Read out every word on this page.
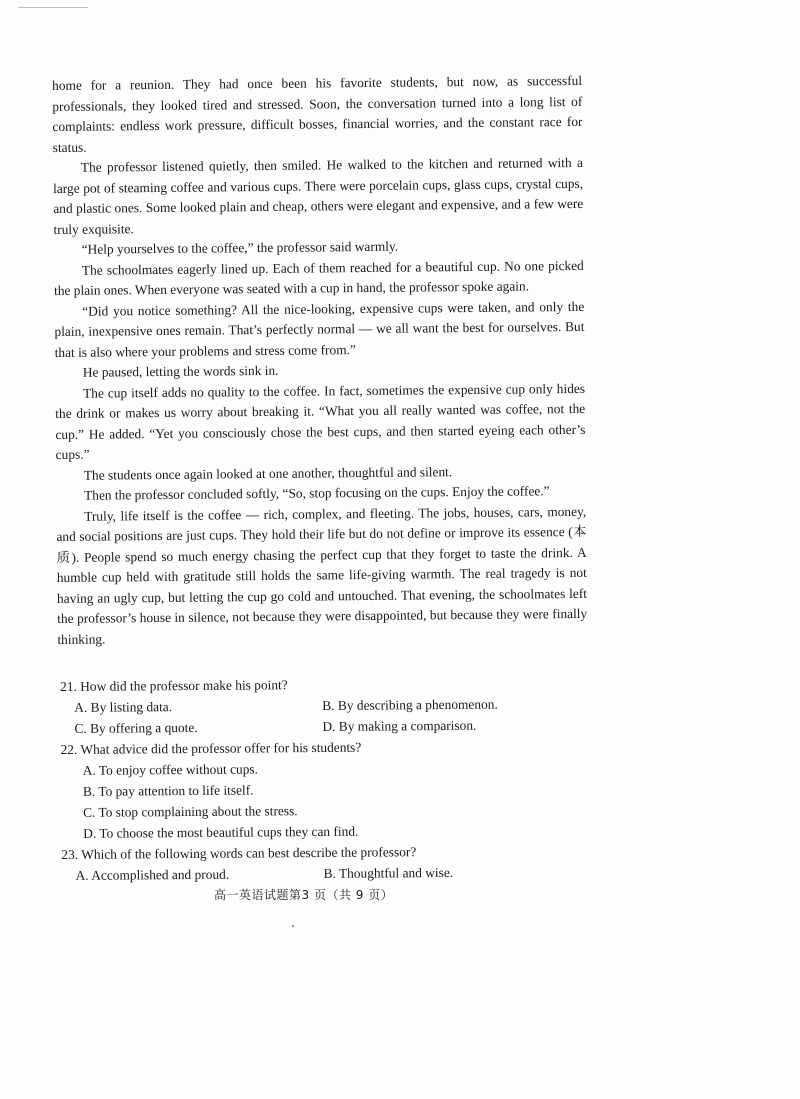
home for a reunion. They had once been his favorite students, but now, as successful professionals, they looked tired and stressed. Soon, the conversation turned into a long list of complaints: endless work pressure, difficult bosses, financial worries, and the constant race for status.

The professor listened quietly, then smiled. He walked to the kitchen and returned with a large pot of steaming coffee and various cups. There were porcelain cups, glass cups, crystal cups, and plastic ones. Some looked plain and cheap, others were elegant and expensive, and a few were truly exquisite.

“Help yourselves to the coffee,” the professor said warmly.

The schoolmates eagerly lined up. Each of them reached for a beautiful cup. No one picked the plain ones. When everyone was seated with a cup in hand, the professor spoke again.

“Did you notice something? All the nice-looking, expensive cups were taken, and only the plain, inexpensive ones remain. That’s perfectly normal — we all want the best for ourselves. But that is also where your problems and stress come from.”

He paused, letting the words sink in.

The cup itself adds no quality to the coffee. In fact, sometimes the expensive cup only hides the drink or makes us worry about breaking it. “What you all really wanted was coffee, not the cup.” He added. “Yet you consciously chose the best cups, and then started eyeing each other’s cups.”

The students once again looked at one another, thoughtful and silent.

Then the professor concluded softly, “So, stop focusing on the cups. Enjoy the coffee.”

Truly, life itself is the coffee — rich, complex, and fleeting. The jobs, houses, cars, money, and social positions are just cups. They hold their life but do not define or improve its essence (本质). People spend so much energy chasing the perfect cup that they forget to taste the drink. A humble cup held with gratitude still holds the same life-giving warmth. The real tragedy is not having an ugly cup, but letting the cup go cold and untouched. That evening, the schoolmates left the professor’s house in silence, not because they were disappointed, but because they were finally thinking.

21. How did the professor make his point?

A. By listing data.	B. By describing a phenomenon.
C. By offering a quote.	D. By making a comparison.

22. What advice did the professor offer for his students?

A. To enjoy coffee without cups.
B. To pay attention to life itself.
C. To stop complaining about the stress.
D. To choose the most beautiful cups they can find.

23. Which of the following words can best describe the professor?

A. Accomplished and proud.	B. Thoughtful and wise.
高一英语试题第3 页（共 9 页）
